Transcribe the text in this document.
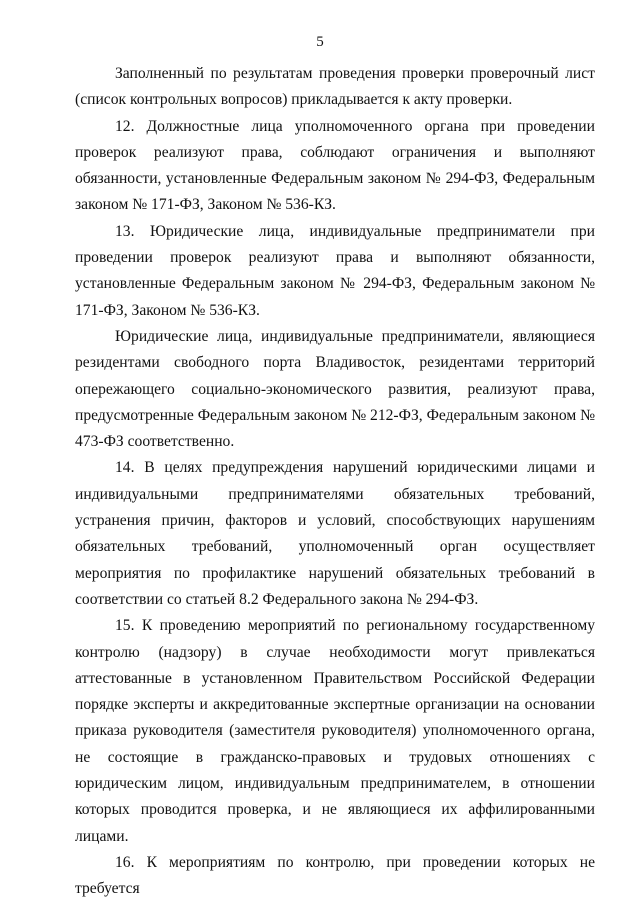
5

Заполненный по результатам проведения проверки проверочный лист (список контрольных вопросов) прикладывается к акту проверки.

12. Должностные лица уполномоченного органа при проведении проверок реализуют права, соблюдают ограничения и выполняют обязанности, установленные Федеральным законом № 294-ФЗ, Федеральным законом № 171-ФЗ, Законом № 536-КЗ.

13. Юридические лица, индивидуальные предприниматели при проведении проверок реализуют права и выполняют обязанности, установленные Федеральным законом № 294-ФЗ, Федеральным законом № 171-ФЗ, Законом № 536-КЗ.

Юридические лица, индивидуальные предприниматели, являющиеся резидентами свободного порта Владивосток, резидентами территорий опережающего социально-экономического развития, реализуют права, предусмотренные Федеральным законом № 212-ФЗ, Федеральным законом № 473-ФЗ соответственно.

14. В целях предупреждения нарушений юридическими лицами и индивидуальными предпринимателями обязательных требований, устранения причин, факторов и условий, способствующих нарушениям обязательных требований, уполномоченный орган осуществляет мероприятия по профилактике нарушений обязательных требований в соответствии со статьей 8.2 Федерального закона № 294-ФЗ.

15. К проведению мероприятий по региональному государственному контролю (надзору) в случае необходимости могут привлекаться аттестованные в установленном Правительством Российской Федерации порядке эксперты и аккредитованные экспертные организации на основании приказа руководителя (заместителя руководителя) уполномоченного органа, не состоящие в гражданско-правовых и трудовых отношениях с юридическим лицом, индивидуальным предпринимателем, в отношении которых проводится проверка, и не являющиеся их аффилированными лицами.

16. К мероприятиям по контролю, при проведении которых не требуется
